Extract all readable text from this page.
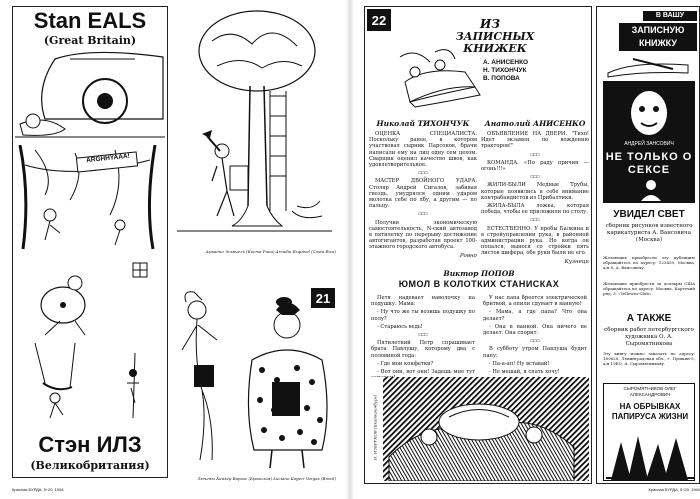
Stan EALS
(Great Britain)
ARGHHYAAA!
Стэн ИЛЗ
(Великобритания)
Аркадио Эсквиель (Коста Рика) Arcadio Esquivel (Costa Rica)
21
Люченю Кайзер Варгас (Бразилия) Luciano Kayser Vargas (Brazil)
Красная БУРДА, 5÷20, 1994
22	ИЗ
ЗАПИСНЫХ КНИЖЕК
А. АНИСЕНКО
Н. ТИХОНЧУК
В. ПОПОВА
Николай ТИХОНЧУК

ОЦЕНКА СПЕЦИАЛИСТА. Поскольку ранее, в котором участвовал сырник Парсонов, брачи написали ему на лиц одну сем цехом. Сварщик оценил качество швов, как удовлетворительное.

☐☐☐

МАСТЕР ДВОЙНОГО УДАРА. Столяр Андрей Сигалов, забивая гвоздь, умудрялся одним ударом молотка себе по лбу, а другим — по пальцу.

☐☐☐

Получив экономическую самостоятельность, N-ский автозавод в пятилетку по перерыву достижение автогигантов, разработав проект 100-этажного городского автобуса.

Ровно
Анатолий АНИСЕНКО

ОБЪЯВЛЕНИЕ НА ДВЕРИ. "Тихо! Идет экзамен по вождению тракторов!"

☐☐☐

КОМАНДА. «По раду причин — огонь!!!»

☐☐☐

ЖИЛИ-БЫЛИ Медные Трубы, которые появились в себе внимание контрабандистов из Прибалтики.

ЖИЛА-БЫЛА ложка, которая победа, чтобы ее приложили по столу.

☐☐☐

ЕСТЕСТВЕННО. У пробы Балкина и в стройуправлении рука, в районной администрации рука. Но когда он попался, вынося со стройки пять листов шифера, обе руки были не его.

Кузнецк
Виктор ПОПОВ
ЮМОЛ В КОЛОТКИХ СТАНИСКАХ

Петя надевает наволочку на подушку. Мама:

- Ну что же ты возишь подушку по полу?

- Стараюсь ведь!

☐☐☐

Пятилетний Петр спрашивает брата Павлушу, которому два с половиной года:

- Где мои конфетки?

- Вот они, вот они! Задешь мне тут

У нас папа бреется электрической бритвой, а опили сдувает в ванную!

- Мама, а где папа? Что она делает?

- Она в ванной. Она ничего не делает. Она спорит.

☐☐☐

В субботу утром Павлуша будит папу:

- Па-а-ап! Ну вставай!

- Не мешай, я спать хочу!

Н. ИЗБРУКОВ (Екатеринбург)
В ВАШУ
ЗАПИСНУЮ КНИЖКУ
АНДРЕЙ ЗАНСОВИЧ
НЕ ТОЛЬКО О СЕКСЕ
УВИДЕЛ СВЕТ
сборник рисунков известного карикатуриста А. Вансовича (Москва)
Желающие приобрести эту публицию обращайтесь по адресу: 123459, Москва, а/я 8, А. Вансовичу.
Желающие приобрести за доллары США обращайтесь по адресу: Москва, Картечий ряд, 3. «Yellowes-Club».
А ТАКЖЕ
сборник работ петербургского художника О. А. Сыромятникова
Эту книгу можно заказать по адресу: 189620, Ленинградская обл., г. Пушкин-5, а/я 19ЕО. А. Сыромятникову.
СЫРОМЯТНИКОВ ОЛЕГ АЛЕКСАНДРОВИЧ
НА ОБРЫВКАХ ПАПИРУСА ЖИЗНИ
Красная БУРДА, 5÷20, 1994
